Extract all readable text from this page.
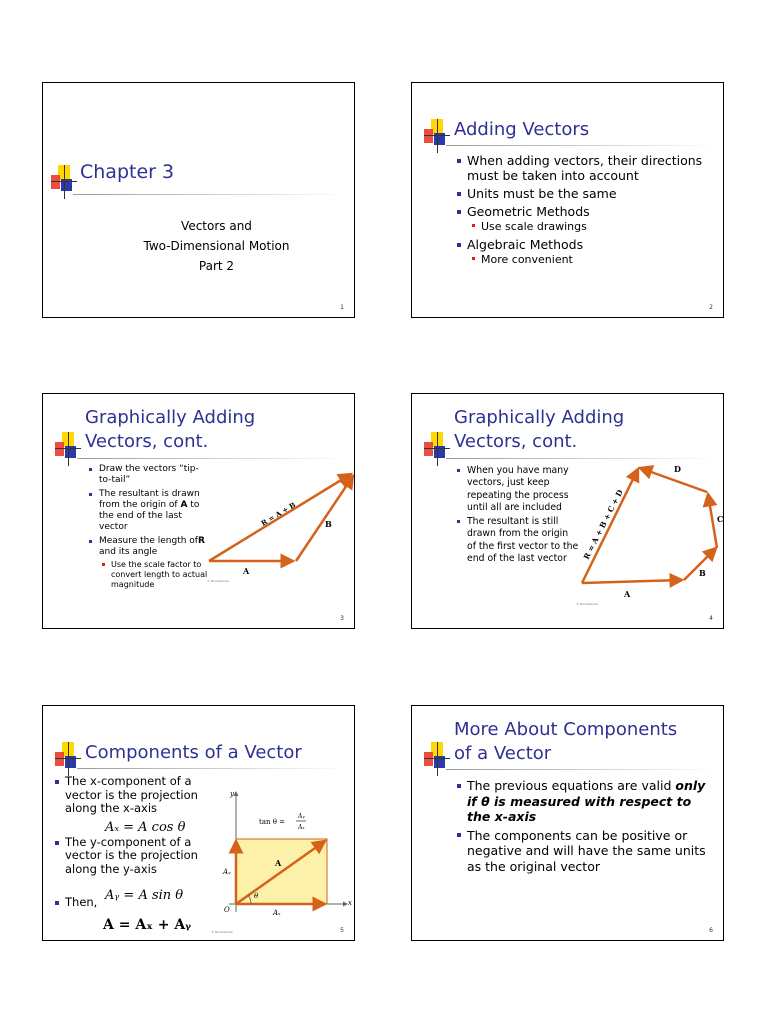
Chapter 3
Vectors and
Two-Dimensional Motion
Part 2
1
Adding Vectors
When adding vectors, their directions must be taken into account
Units must be the same
Geometric Methods
Use scale drawings
Algebraic Methods
More convenient
2
Graphically Adding
Vectors, cont.
Draw the vectors “tip-to-tail”
The resultant is drawn from the origin of A to the end of the last vector
Measure the length ofR and its angle
Use the scale factor to convert length to actual magnitude
A
B
R = A + B
© Brooks/Cole
3
Graphically Adding
Vectors, cont.
When you have many vectors, just keep repeating the process until all are included
The resultant is still drawn from the origin of the first vector to the end of the last vector
A
B
C
D
R = A + B + C + D
© Brooks/Cole
4
Components of a Vector
The x-component of a vector is the projection along the x-axis
The y-component of a vector is the projection along the y-axis
Then,
Aₓ = A cos θ
Aᵧ = A sin θ
A = Aₓ + Aᵧ
tan θ =
Aᵧ
Aₓ
y
x
O
Aᵧ
Aₓ
θ
A
© Brooks/Cole	5
More About Components
of a Vector
The previous equations are valid only if θ is measured with respect to the x-axis
The components can be positive or negative and will have the same units as the original vector
6
